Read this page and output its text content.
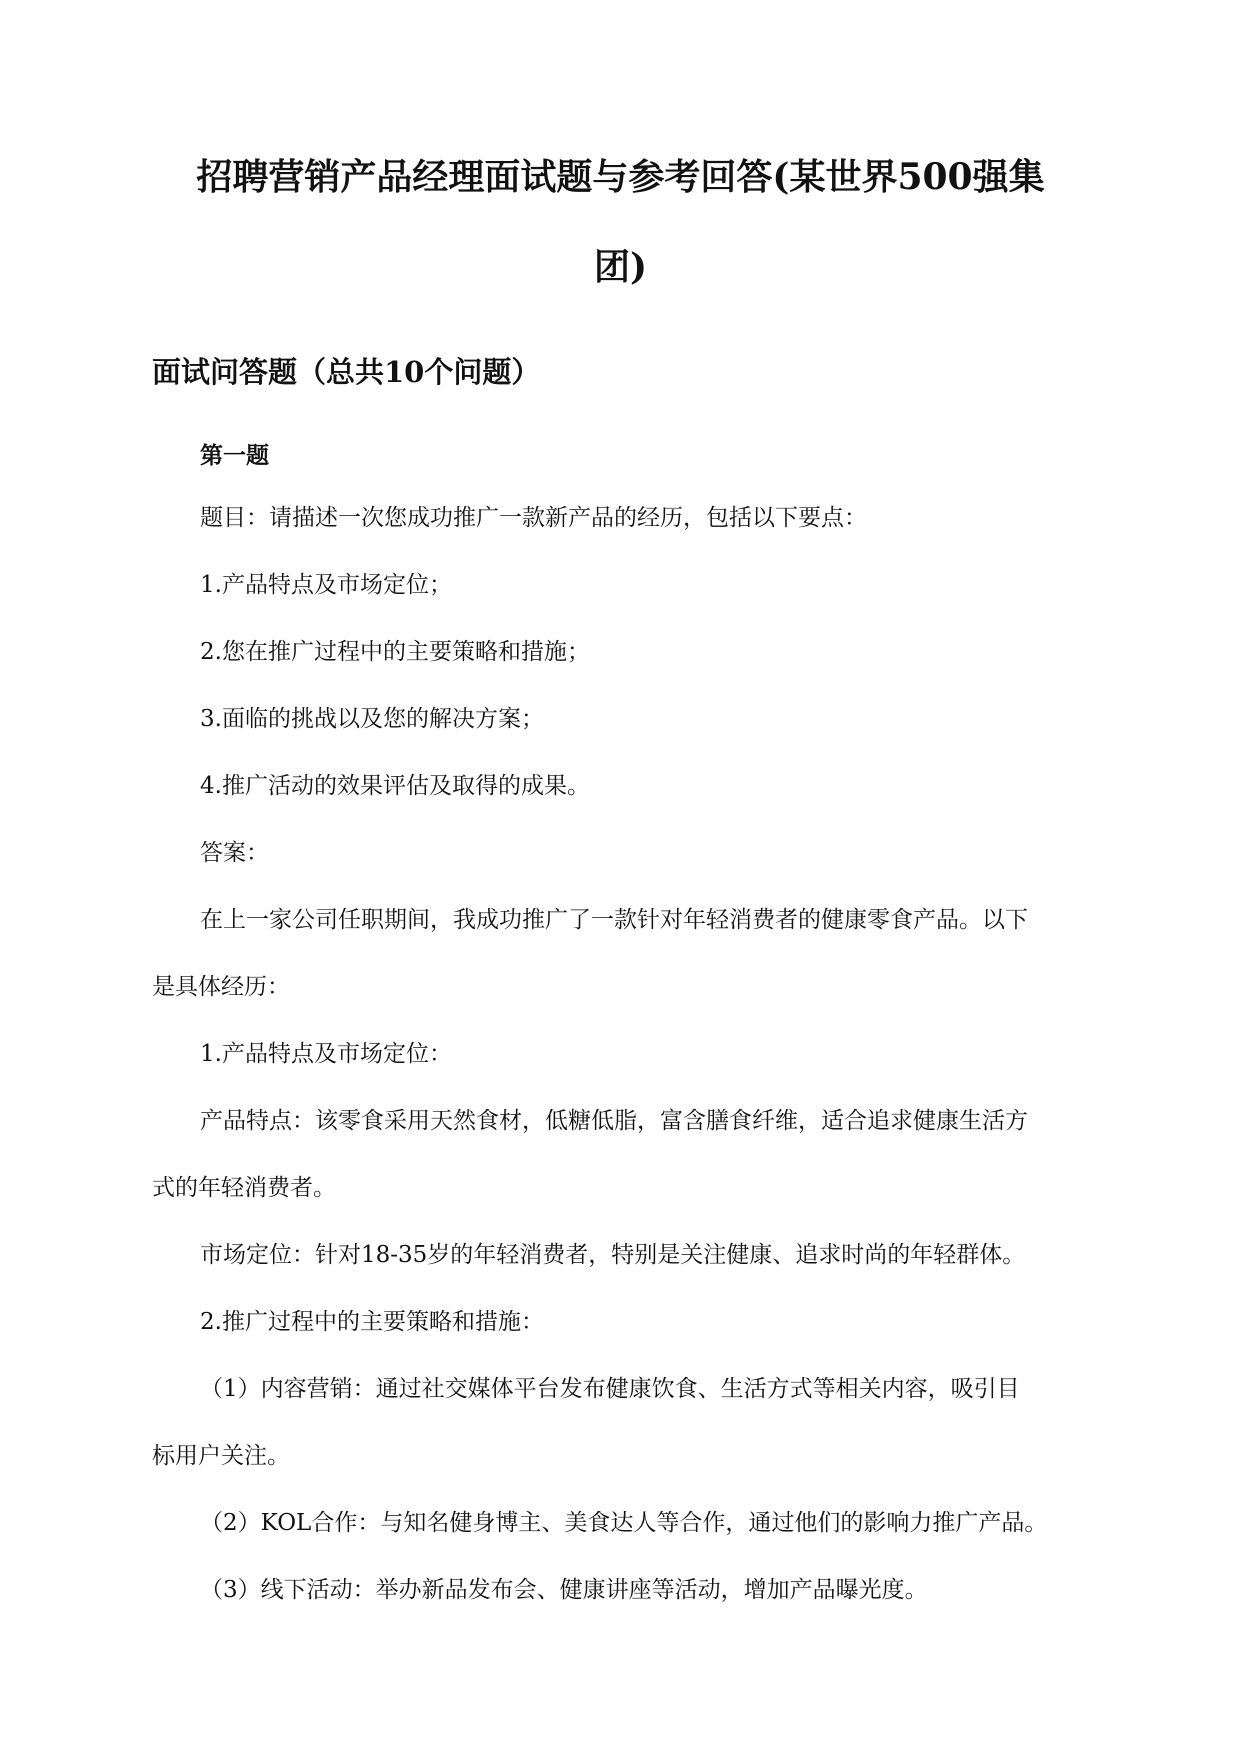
招聘营销产品经理面试题与参考回答(某世界500强集
团)
面试问答题（总共10个问题）
第一题
题目：请描述一次您成功推广一款新产品的经历，包括以下要点：
1.产品特点及市场定位；
2.您在推广过程中的主要策略和措施；
3.面临的挑战以及您的解决方案；
4.推广活动的效果评估及取得的成果。
答案：
在上一家公司任职期间，我成功推广了一款针对年轻消费者的健康零食产品。以下
是具体经历：
1.产品特点及市场定位：
产品特点：该零食采用天然食材，低糖低脂，富含膳食纤维，适合追求健康生活方
式的年轻消费者。
市场定位：针对18-35岁的年轻消费者，特别是关注健康、追求时尚的年轻群体。
2.推广过程中的主要策略和措施：
（1）内容营销：通过社交媒体平台发布健康饮食、生活方式等相关内容，吸引目
标用户关注。
（2）KOL合作：与知名健身博主、美食达人等合作，通过他们的影响力推广产品。
（3）线下活动：举办新品发布会、健康讲座等活动，增加产品曝光度。
